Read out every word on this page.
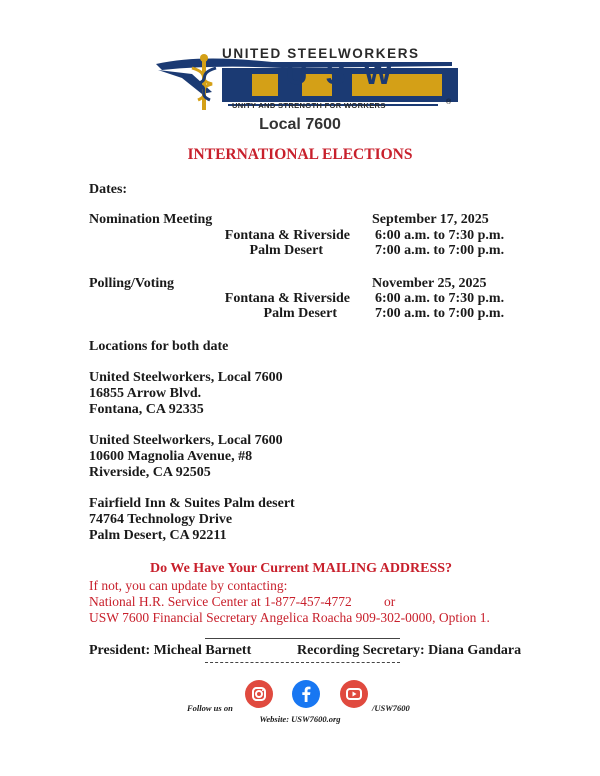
UNITED STEELWORKERS
USW
UNITY AND STRENGTH FOR WORKERS	®
Local 7600
INTERNATIONAL ELECTIONS
Dates:
Nomination Meeting	September 17, 2025
Fontana & Riverside 6:00 a.m. to 7:30 p.m.
Palm Desert	7:00 a.m. to 7:00 p.m.
Polling/Voting	November 25, 2025
Fontana & Riverside 6:00 a.m. to 7:30 p.m.
Palm Desert	7:00 a.m. to 7:00 p.m.
Locations for both date
United Steelworkers, Local 7600
16855 Arrow Blvd.
Fontana, CA 92335
United Steelworkers, Local 7600
10600 Magnolia Avenue, #8
Riverside, CA 92505
Fairfield Inn & Suites Palm desert
74764 Technology Drive
Palm Desert, CA 92211
Do We Have Your Current MAILING ADDRESS?
If not, you can update by contacting:
National H.R. Service Center at 1-877-457-4772 or
USW 7600 Financial Secretary Angelica Roacha 909-302-0000, Option 1.
President: Micheal Barnett	Recording Secretary: Diana Gandara
Follow us on	/USW7600
Website: USW7600.org
